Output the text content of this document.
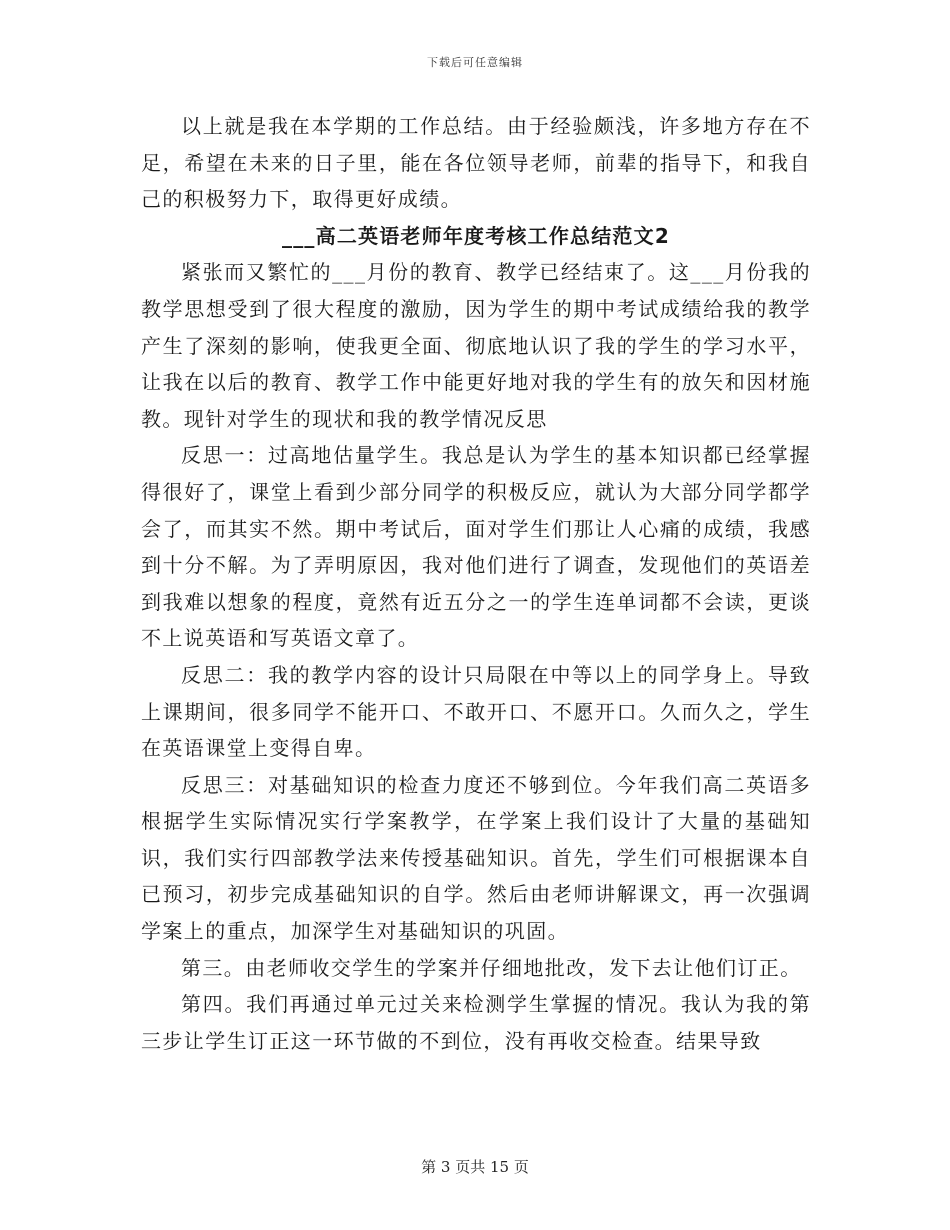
下载后可任意编辑

以上就是我在本学期的工作总结。由于经验颇浅，许多地方存在不足，希望在未来的日子里，能在各位领导老师，前辈的指导下，和我自己的积极努力下，取得更好成绩。

___高二英语老师年度考核工作总结范文2

紧张而又繁忙的___月份的教育、教学已经结束了。这___月份我的教学思想受到了很大程度的激励，因为学生的期中考试成绩给我的教学产生了深刻的影响，使我更全面、彻底地认识了我的学生的学习水平，让我在以后的教育、教学工作中能更好地对我的学生有的放矢和因材施教。现针对学生的现状和我的教学情况反思

反思一：过高地估量学生。我总是认为学生的基本知识都已经掌握得很好了，课堂上看到少部分同学的积极反应，就认为大部分同学都学会了，而其实不然。期中考试后，面对学生们那让人心痛的成绩，我感到十分不解。为了弄明原因，我对他们进行了调查，发现他们的英语差到我难以想象的程度，竟然有近五分之一的学生连单词都不会读，更谈不上说英语和写英语文章了。

反思二：我的教学内容的设计只局限在中等以上的同学身上。导致上课期间，很多同学不能开口、不敢开口、不愿开口。久而久之，学生在英语课堂上变得自卑。

反思三：对基础知识的检查力度还不够到位。今年我们高二英语多根据学生实际情况实行学案教学，在学案上我们设计了大量的基础知识，我们实行四部教学法来传授基础知识。首先，学生们可根据课本自已预习，初步完成基础知识的自学。然后由老师讲解课文，再一次强调学案上的重点，加深学生对基础知识的巩固。

第三。由老师收交学生的学案并仔细地批改，发下去让他们订正。

第四。我们再通过单元过关来检测学生掌握的情况。我认为我的第三步让学生订正这一环节做的不到位，没有再收交检查。结果导致

第 3 页共 15 页
